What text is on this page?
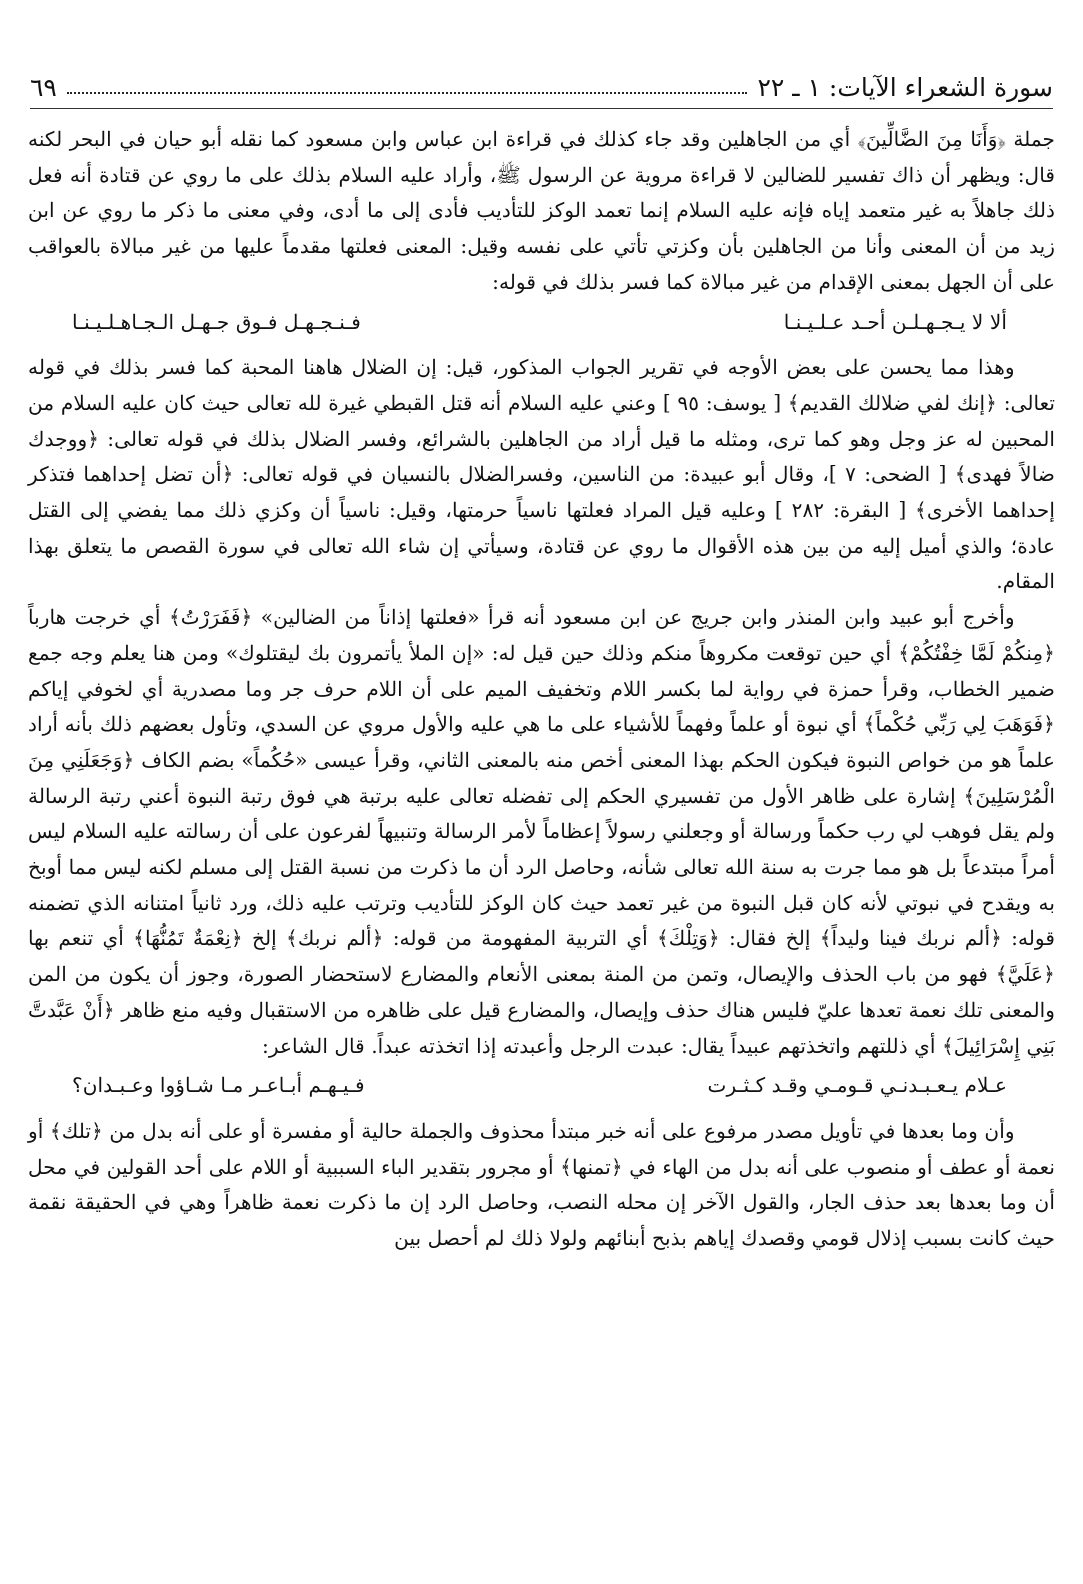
سورة الشعراء الآيات: ١ ـ ٢٢
٦٩

جملة ﴿وَأَنَا مِنَ الضَّالِّينَ﴾ أي من الجاهلين وقد جاء كذلك في قراءة ابن عباس وابن مسعود كما نقله أبو حيان في البحر لكنه قال: ويظهر أن ذاك تفسير للضالين لا قراءة مروية عن الرسول ﷺ، وأراد عليه السلام بذلك على ما روي عن قتادة أنه فعل ذلك جاهلاً به غير متعمد إياه فإنه عليه السلام إنما تعمد الوكز للتأديب فأدى إلى ما أدى، وفي معنى ما ذكر ما روي عن ابن زيد من أن المعنى وأنا من الجاهلين بأن وكزتي تأتي على نفسه وقيل: المعنى فعلتها مقدماً عليها من غير مبالاة بالعواقب على أن الجهل بمعنى الإقدام من غير مبالاة كما فسر بذلك في قوله:

ألا لا يـجـهـلـن أحـد عـلـيـنـا
فـنـجـهـل فـوق جـهـل الـجـاهـلـيـنـا

وهذا مما يحسن على بعض الأوجه في تقرير الجواب المذكور، قيل: إن الضلال هاهنا المحبة كما فسر بذلك في قوله تعالى: ﴿إنك لفي ضلالك القديم﴾ [ يوسف: ٩٥ ] وعني عليه السلام أنه قتل القبطي غيرة لله تعالى حيث كان عليه السلام من المحبين له عز وجل وهو كما ترى، ومثله ما قيل أراد من الجاهلين بالشرائع، وفسر الضلال بذلك في قوله تعالى: ﴿ووجدك ضالاً فهدى﴾ [ الضحى: ٧ ]، وقال أبو عبيدة: من الناسين، وفسرالضلال بالنسيان في قوله تعالى: ﴿أن تضل إحداهما فتذكر إحداهما الأخرى﴾ [ البقرة: ٢٨٢ ] وعليه قيل المراد فعلتها ناسياً حرمتها، وقيل: ناسياً أن وكزي ذلك مما يفضي إلى القتل عادة؛ والذي أميل إليه من بين هذه الأقوال ما روي عن قتادة، وسيأتي إن شاء الله تعالى في سورة القصص ما يتعلق بهذا المقام.

وأخرج أبو عبيد وابن المنذر وابن جريج عن ابن مسعود أنه قرأ «فعلتها إذاناً من الضالين» ﴿فَفَرَرْتُ﴾ أي خرجت هارباً ﴿مِنكُمْ لَمَّا خِفْتُكُمْ﴾ أي حين توقعت مكروهاً منكم وذلك حين قيل له: «إن الملأ يأتمرون بك ليقتلوك» ومن هنا يعلم وجه جمع ضمير الخطاب، وقرأ حمزة في رواية لما بكسر اللام وتخفيف الميم على أن اللام حرف جر وما مصدرية أي لخوفي إياكم ﴿فَوَهَبَ لِي رَبِّي حُكْماً﴾ أي نبوة أو علماً وفهماً للأشياء على ما هي عليه والأول مروي عن السدي، وتأول بعضهم ذلك بأنه أراد علماً هو من خواص النبوة فيكون الحكم بهذا المعنى أخص منه بالمعنى الثاني، وقرأ عيسى «حُكُماً» بضم الكاف ﴿وَجَعَلَنِي مِنَ الْمُرْسَلِينَ﴾ إشارة على ظاهر الأول من تفسيري الحكم إلى تفضله تعالى عليه برتبة هي فوق رتبة النبوة أعني رتبة الرسالة ولم يقل فوهب لي رب حكماً ورسالة أو وجعلني رسولاً إعظاماً لأمر الرسالة وتنبيهاً لفرعون على أن رسالته عليه السلام ليس أمراً مبتدعاً بل هو مما جرت به سنة الله تعالى شأنه، وحاصل الرد أن ما ذكرت من نسبة القتل إلى مسلم لكنه ليس مما أوبخ به ويقدح في نبوتي لأنه كان قبل النبوة من غير تعمد حيث كان الوكز للتأديب وترتب عليه ذلك، ورد ثانياً امتنانه الذي تضمنه قوله: ﴿ألم نربك فينا وليداً﴾ إلخ فقال: ﴿وَتِلْكَ﴾ أي التربية المفهومة من قوله: ﴿ألم نربك﴾ إلخ ﴿نِعْمَةٌ تَمُنُّهَا﴾ أي تنعم بها ﴿عَلَيَّ﴾ فهو من باب الحذف والإيصال، وتمن من المنة بمعنى الأنعام والمضارع لاستحضار الصورة، وجوز أن يكون من المن والمعنى تلك نعمة تعدها عليّ فليس هناك حذف وإيصال، والمضارع قيل على ظاهره من الاستقبال وفيه منع ظاهر ﴿أَنْ عَبَّدتَّ بَنِي إِسْرَائِيلَ﴾ أي ذللتهم واتخذتهم عبيداً يقال: عبدت الرجل وأعبدته إذا اتخذته عبداً. قال الشاعر:

عـلام يـعـبـدنـي قـومـي وقـد كـثـرت
فـيـهـم أبـاعـر مـا شـاؤوا وعـبـدان؟

وأن وما بعدها في تأويل مصدر مرفوع على أنه خبر مبتدأ محذوف والجملة حالية أو مفسرة أو على أنه بدل من ﴿تلك﴾ أو نعمة أو عطف أو منصوب على أنه بدل من الهاء في ﴿تمنها﴾ أو مجرور بتقدير الباء السببية أو اللام على أحد القولين في محل أن وما بعدها بعد حذف الجار، والقول الآخر إن محله النصب، وحاصل الرد إن ما ذكرت نعمة ظاهراً وهي في الحقيقة نقمة حيث كانت بسبب إذلال قومي وقصدك إياهم بذبح أبنائهم ولولا ذلك لم أحصل بين
